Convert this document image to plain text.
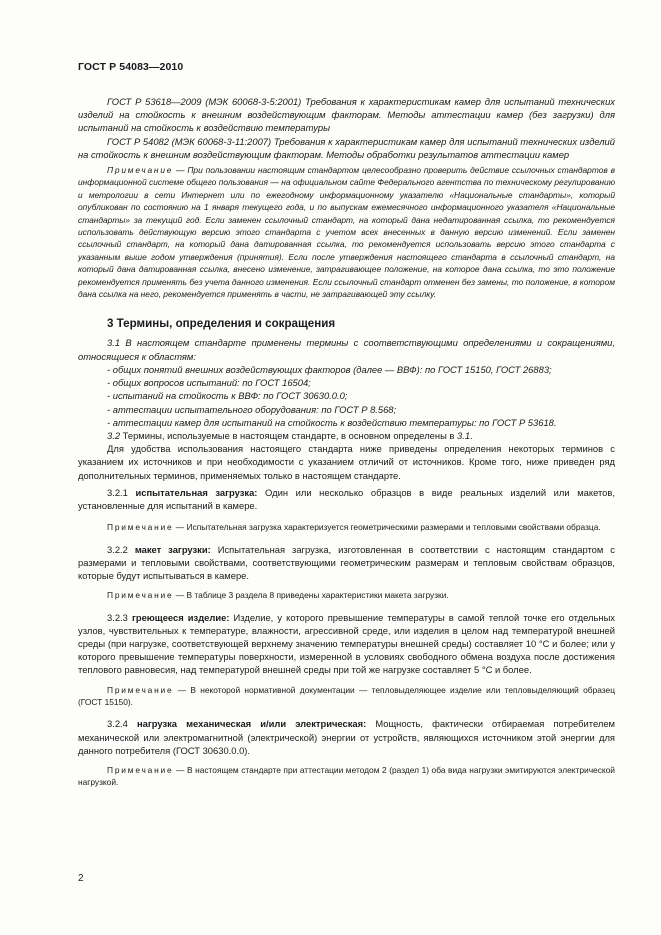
ГОСТ Р 54083—2010

ГОСТ Р 53618—2009 (МЭК 60068-3-5:2001) Требования к характеристикам камер для испытаний технических изделий на стойкость к внешним воздействующим факторам. Методы аттестации камер (без загрузки) для испытаний на стойкость к воздействию температуры

ГОСТ Р 54082 (МЭК 60068-3-11:2007) Требования к характеристикам камер для испытаний технических изделий на стойкость к внешним воздействующим факторам. Методы обработки результатов аттестации камер

Примечание — При пользовании настоящим стандартом целесообразно проверить действие ссылочных стандартов в информационной системе общего пользования — на официальном сайте Федерального агентства по техническому регулированию и метрологии в сети Интернет или по ежегодному информационному указателю «Национальные стандарты», который опубликован по состоянию на 1 января текущего года, и по выпускам ежемесячного информационного указателя «Национальные стандарты» за текущий год. Если заменен ссылочный стандарт, на который дана недатированная ссылка, то рекомендуется использовать действующую версию этого стандарта с учетом всех внесенных в данную версию изменений. Если заменен ссылочный стандарт, на который дана датированная ссылка, то рекомендуется использовать версию этого стандарта с указанным выше годом утверждения (принятия). Если после утверждения настоящего стандарта в ссылочный стандарт, на который дана датированная ссылка, внесено изменение, затрагивающее положение, на которое дана ссылка, то это положение рекомендуется применять без учета данного изменения. Если ссылочный стандарт отменен без замены, то положение, в котором дана ссылка на него, рекомендуется применять в части, не затрагивающей эту ссылку.

3 Термины, определения и сокращения

3.1 В настоящем стандарте применены термины с соответствующими определениями и сокращениями, относящиеся к областям:

- общих понятий внешних воздействующих факторов (далее — ВВФ): по ГОСТ 15150, ГОСТ 26883;

- общих вопросов испытаний: по ГОСТ 16504;

- испытаний на стойкость к ВВФ: по ГОСТ 30630.0.0;

- аттестации испытательного оборудования: по ГОСТ Р 8.568;

- аттестации камер для испытаний на стойкость к воздействию температуры: по ГОСТ Р 53618.

3.2 Термины, используемые в настоящем стандарте, в основном определены в 3.1.

Для удобства использования настоящего стандарта ниже приведены определения некоторых терминов с указанием их источников и при необходимости с указанием отличий от источников. Кроме того, ниже приведен ряд дополнительных терминов, применяемых только в настоящем стандарте.

3.2.1 испытательная загрузка: Один или несколько образцов в виде реальных изделий или макетов, установленные для испытаний в камере.

Примечание — Испытательная загрузка характеризуется геометрическими размерами и тепловыми свойствами образца.

3.2.2 макет загрузки: Испытательная загрузка, изготовленная в соответствии с настоящим стандартом с размерами и тепловыми свойствами, соответствующими геометрическим размерам и тепловым свойствам образцов, которые будут испытываться в камере.

Примечание — В таблице 3 раздела 8 приведены характеристики макета загрузки.

3.2.3 греющееся изделие: Изделие, у которого превышение температуры в самой теплой точке его отдельных узлов, чувствительных к температуре, влажности, агрессивной среде, или изделия в целом над температурой внешней среды (при нагрузке, соответствующей верхнему значению температуры внешней среды) составляет 10 °С и более; или у которого превышение температуры поверхности, измеренной в условиях свободного обмена воздуха после достижения теплового равновесия, над температурой внешней среды при той же нагрузке составляет 5 °С и более.

Примечание — В некоторой нормативной документации — тепловыделяющее изделие или тепловыделяющий образец (ГОСТ 15150).

3.2.4 нагрузка механическая и/или электрическая: Мощность, фактически отбираемая потребителем механической или электромагнитной (электрической) энергии от устройств, являющихся источником этой энергии для данного потребителя (ГОСТ 30630.0.0).

Примечание — В настоящем стандарте при аттестации методом 2 (раздел 1) оба вида нагрузки эмитируются электрической нагрузкой.

2
